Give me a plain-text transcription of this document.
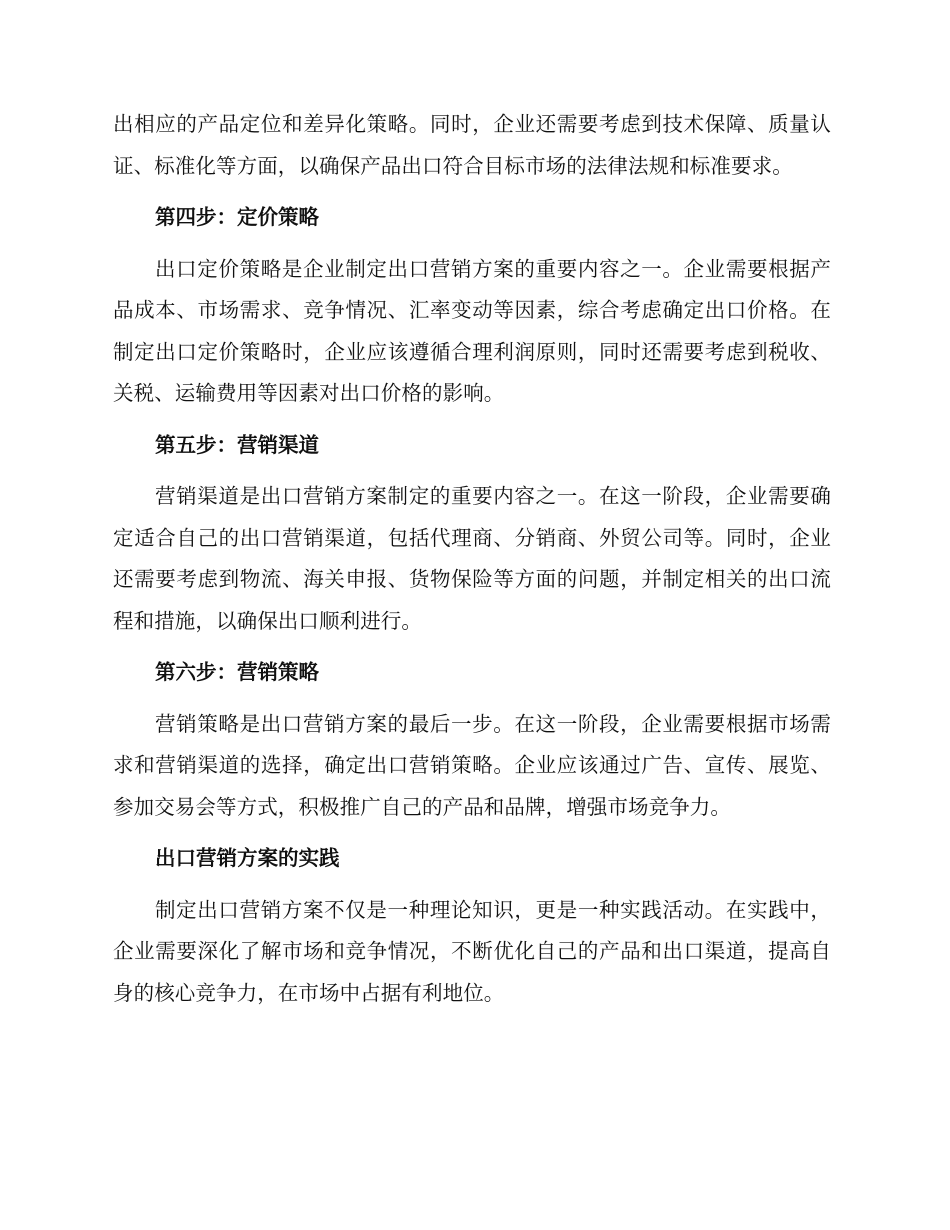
出相应的产品定位和差异化策略。同时，企业还需要考虑到技术保障、质量认证、标准化等方面，以确保产品出口符合目标市场的法律法规和标准要求。

第四步：定价策略

出口定价策略是企业制定出口营销方案的重要内容之一。企业需要根据产品成本、市场需求、竞争情况、汇率变动等因素，综合考虑确定出口价格。在制定出口定价策略时，企业应该遵循合理利润原则，同时还需要考虑到税收、关税、运输费用等因素对出口价格的影响。

第五步：营销渠道

营销渠道是出口营销方案制定的重要内容之一。在这一阶段，企业需要确定适合自己的出口营销渠道，包括代理商、分销商、外贸公司等。同时，企业还需要考虑到物流、海关申报、货物保险等方面的问题，并制定相关的出口流程和措施，以确保出口顺利进行。

第六步：营销策略

营销策略是出口营销方案的最后一步。在这一阶段，企业需要根据市场需求和营销渠道的选择，确定出口营销策略。企业应该通过广告、宣传、展览、参加交易会等方式，积极推广自己的产品和品牌，增强市场竞争力。

出口营销方案的实践

制定出口营销方案不仅是一种理论知识，更是一种实践活动。在实践中，企业需要深化了解市场和竞争情况，不断优化自己的产品和出口渠道，提高自身的核心竞争力，在市场中占据有利地位。
